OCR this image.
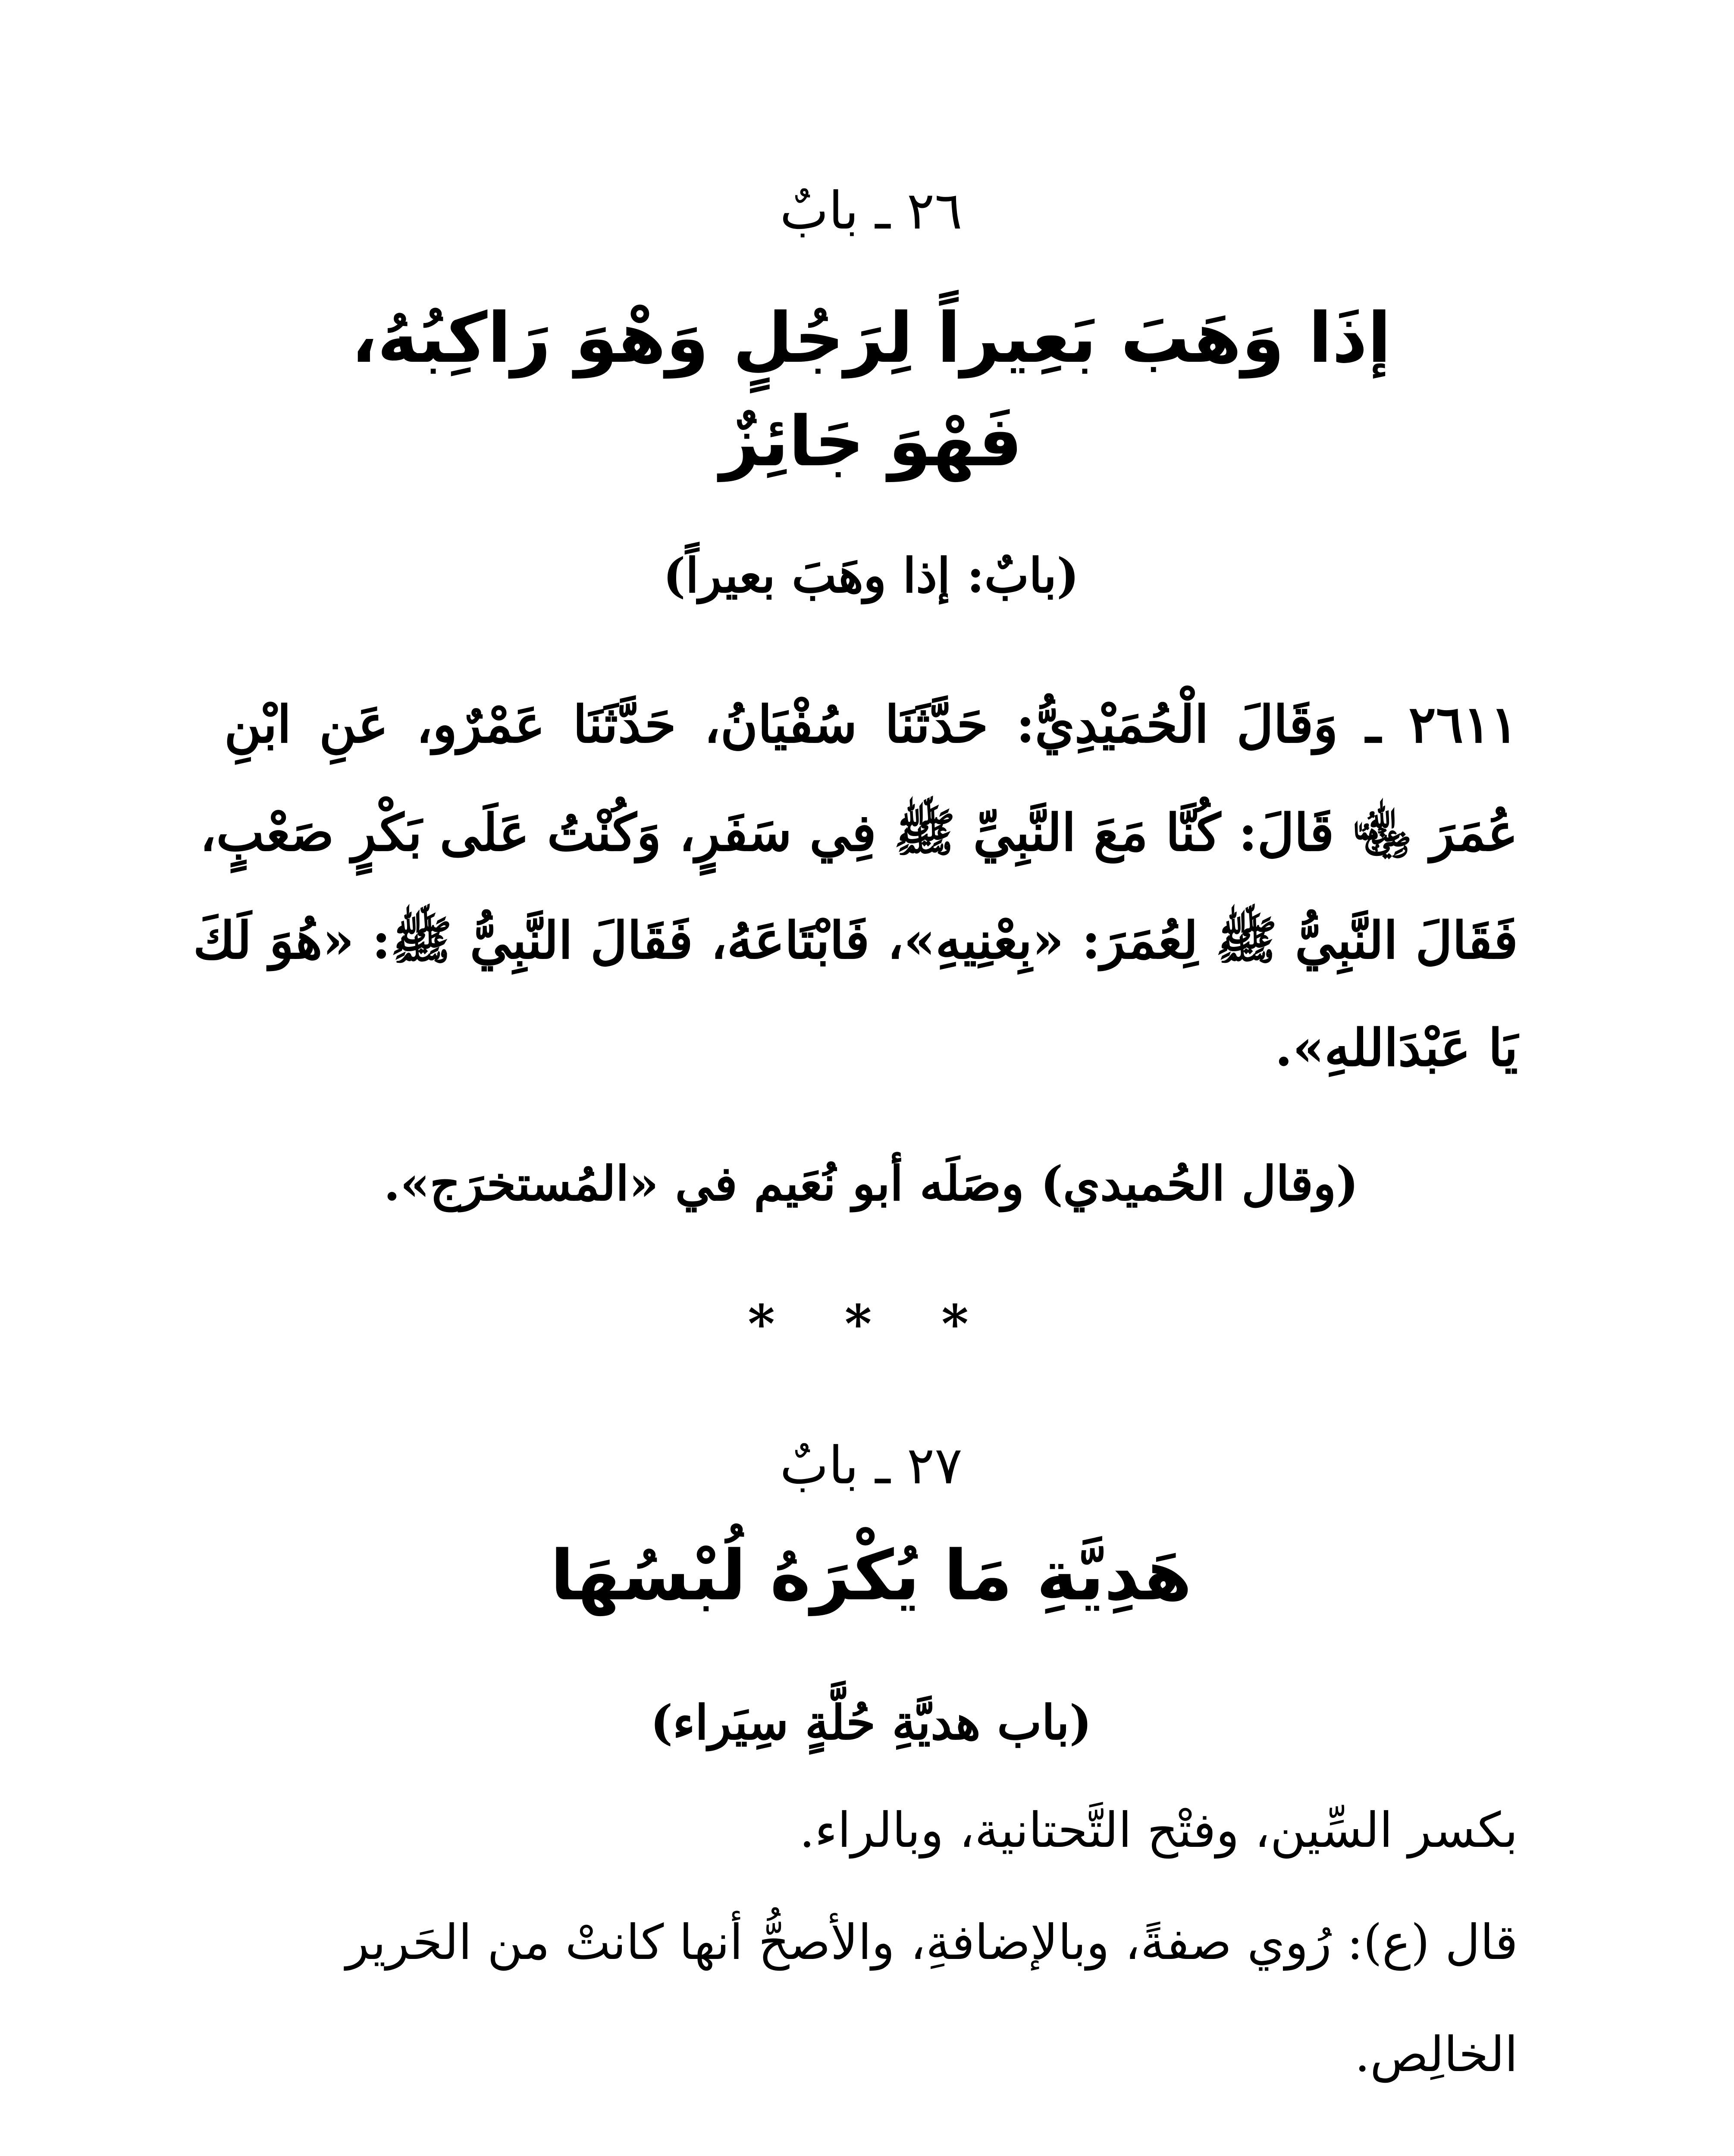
٢٦ ـ بابٌ
إذَا وَهَبَ بَعِيراً لِرَجُلٍ وَهْوَ رَاكِبُهُ،
فَهْوَ جَائِزٌ
(بابٌ: إذا وهَبَ بعيراً)
٢٦١١ ـ وَقَالَ الْحُمَيْدِيُّ: حَدَّثَنَا سُفْيَانُ، حَدَّثَنَا عَمْرٌو، عَنِ ابْنِ
عُمَرَ ﵄ قَالَ: كُنَّا مَعَ النَّبِيِّ ﷺ فِي سَفَرٍ، وَكُنْتُ عَلَى بَكْرٍ صَعْبٍ،
فَقَالَ النَّبِيُّ ﷺ لِعُمَرَ: «بِعْنِيهِ»، فَابْتَاعَهُ، فَقَالَ النَّبِيُّ ﷺ: «هُوَ لَكَ
يَا عَبْدَاللهِ».
(وقال الحُميدي) وصَلَه أبو نُعَيم في «المُستخرَج».
* * *
٢٧ ـ بابٌ
هَدِيَّةِ مَا يُكْرَهُ لُبْسُهَا
(باب هديَّةِ حُلَّةٍ سِيَراء)
بكسر السِّين، وفتْح التَّحتانية، وبالراء.
قال (ع): رُوي صفةً، وبالإضافةِ، والأصحُّ أنها كانتْ من الحَرير
الخالِص.
